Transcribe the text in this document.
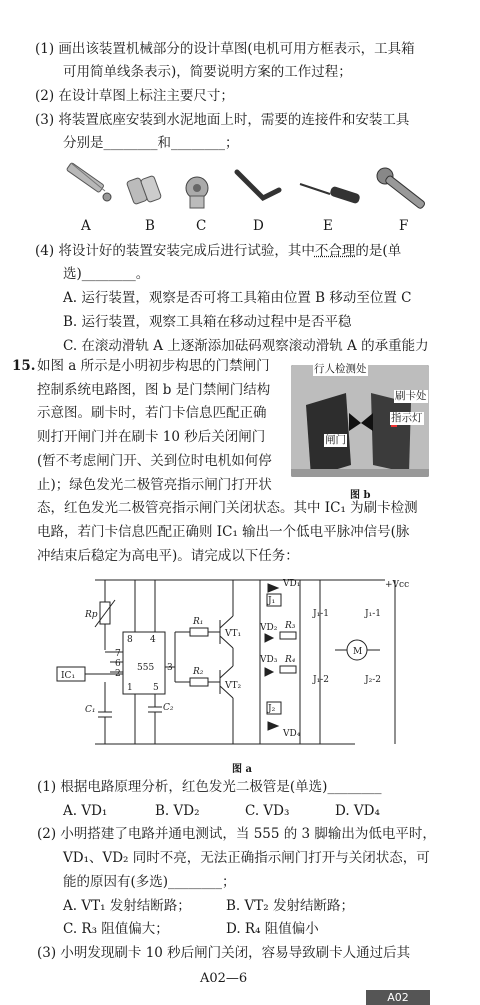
(1) 画出该装置机械部分的设计草图(电机可用方框表示，工具箱
可用简单线条表示)，简要说明方案的工作过程；
(2) 在设计草图上标注主要尺寸；
(3) 将装置底座安装到水泥地面上时，需要的连接件和安装工具
分别是________和________；
A	B	C	D	E	F
(4) 将设计好的装置安装完成后进行试验，其中不合理的是(单
选)________。
A. 运行装置，观察是否可将工具箱由位置 B 移动至位置 C
B. 运行装置，观察工具箱在移动过程中是否平稳
C. 在滚动滑轨 A 上逐渐添加砝码观察滚动滑轨 A 的承重能力
15. 如图 a 所示是小明初步构思的门禁闸门
控制系统电路图，图 b 是门禁闸门结构
示意图。刷卡时，若门卡信息匹配正确
则打开闸门并在刷卡 10 秒后关闭闸门
(暂不考虑闸门开、关到位时电机如何停
止)；绿色发光二极管亮指示闸门打开状
态，红色发光二极管亮指示闸门关闭状态。其中 IC₁ 为刷卡检测
电路，若门卡信息匹配正确则 IC₁ 输出一个低电平脉冲信号(脉
冲结束后稳定为高电平)。请完成以下任务：
行人检测处
刷卡处
指示灯
闸门
图 b
+Vcc
Rp
555
8 4
7
6	3
2
1 5
IC₁
C₁	C₂
R₁
R₂
VT₁
VT₂
J₁
VD₁
J₂
VD₄
VD₂ R₃
VD₃ R₄
J₁-1	J₁-1
J₁-2	J₂-2
M
图 a
(1) 根据电路原理分析，红色发光二极管是(单选)________
A. VD₁	B. VD₂	C. VD₃	D. VD₄
(2) 小明搭建了电路并通电测试，当 555 的 3 脚输出为低电平时，
VD₁、VD₂ 同时不亮，无法正确指示闸门打开与关闭状态，可
能的原因有(多选)________；
A. VT₁ 发射结断路；	B. VT₂ 发射结断路；
C. R₃ 阻值偏大；	D. R₄ 阻值偏小
(3) 小明发现刷卡 10 秒后闸门关闭，容易导致刷卡人通过后其
A02—6
A02
